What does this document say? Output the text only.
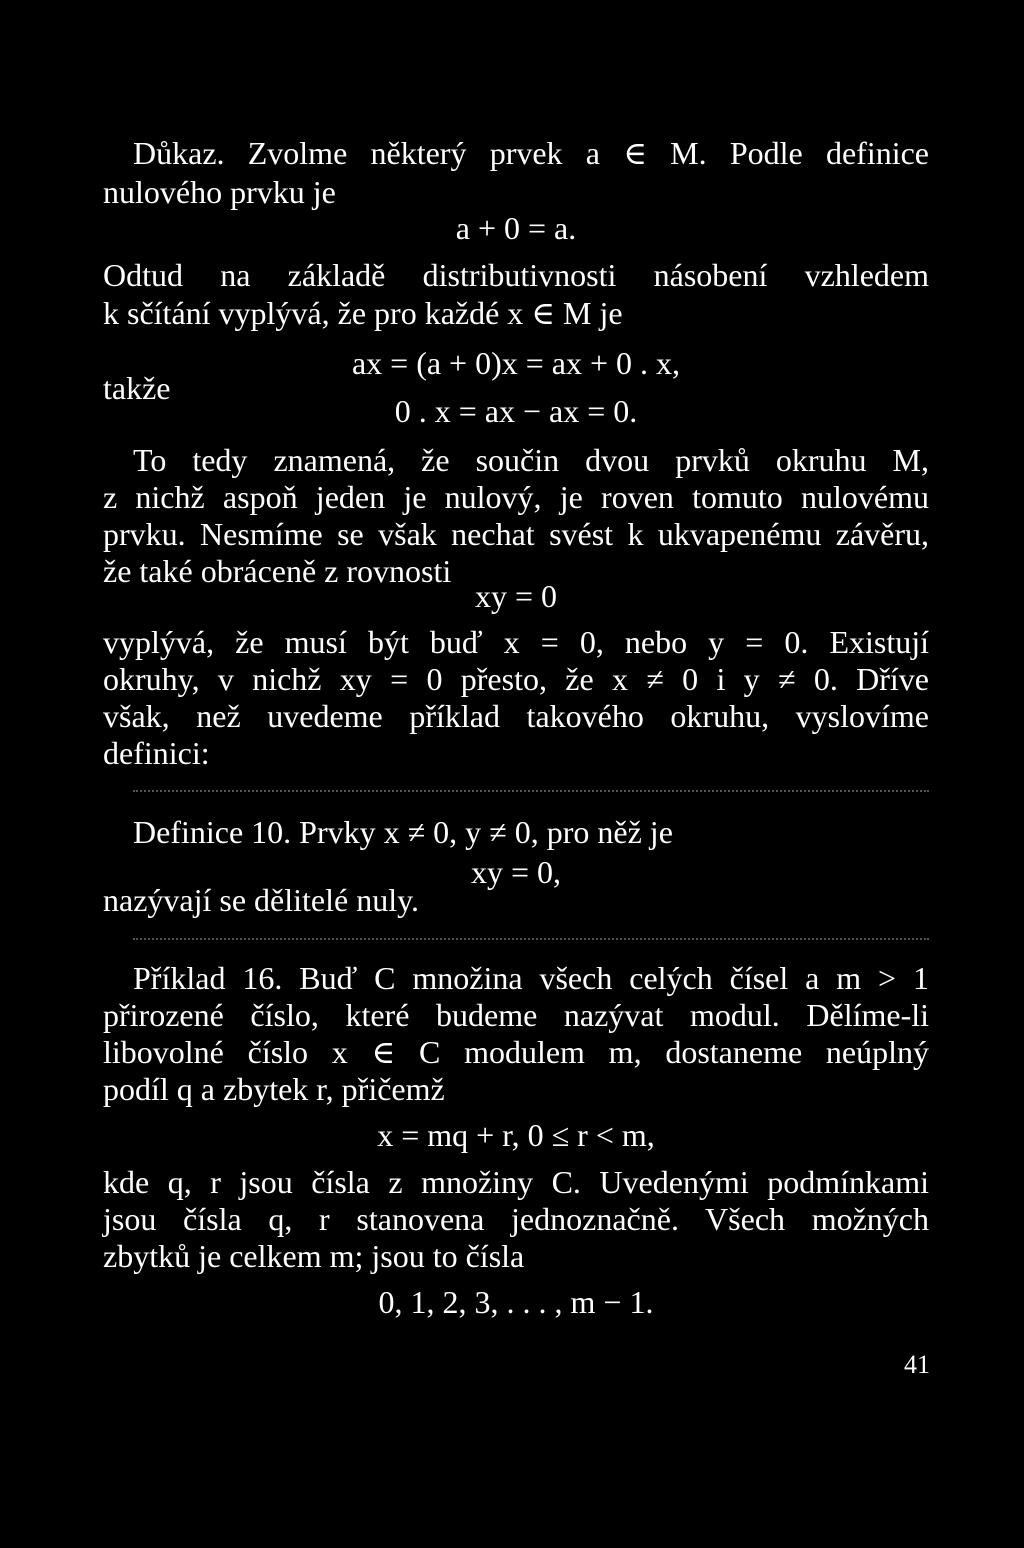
Důkaz. Zvolme některý prvek a ∈ M. Podle definice
nulového prvku je
a + 0 = a.
Odtud na základě distributivnosti násobení vzhledem
k sčítání vyplývá, že pro každé x ∈ M je
ax = (a + 0)x = ax + 0 . x,
takže
0 . x = ax − ax = 0.
To tedy znamená, že součin dvou prvků okruhu M,
z nichž aspoň jeden je nulový, je roven tomuto nulovému
prvku. Nesmíme se však nechat svést k ukvapenému závěru,
že také obráceně z rovnosti
xy = 0
vyplývá, že musí být buď x = 0, nebo y = 0. Existují
okruhy, v nichž xy = 0 přesto, že x ≠ 0 i y ≠ 0. Dříve
však, než uvedeme příklad takového okruhu, vyslovíme
definici:
Definice 10. Prvky x ≠ 0, y ≠ 0, pro něž je
xy = 0,
nazývají se dělitelé nuly.
Příklad 16. Buď C množina všech celých čísel a m > 1
přirozené číslo, které budeme nazývat modul. Dělíme-li
libovolné číslo x ∈ C modulem m, dostaneme neúplný
podíl q a zbytek r, přičemž
x = mq + r, 0 ≤ r < m,
kde q, r jsou čísla z množiny C. Uvedenými podmínkami
jsou čísla q, r stanovena jednoznačně. Všech možných
zbytků je celkem m; jsou to čísla
0, 1, 2, 3, . . . , m − 1.
41
